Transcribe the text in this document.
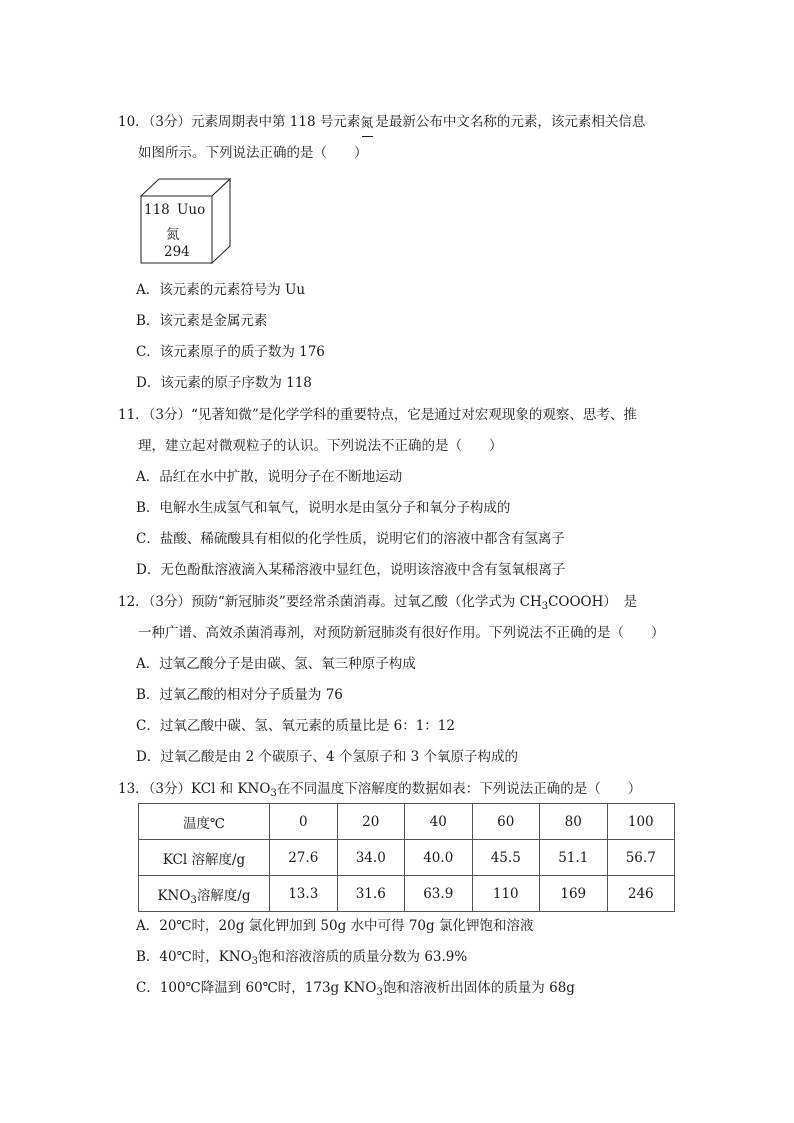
10．（3分）元素周期表中第 118 号元素 氮 是最新公布中文名称的元素，该元素相关信息
如图所示。下列说法正确的是（　　）
118 Uuo
氮
294
A．该元素的元素符号为 Uu
B．该元素是金属元素
C．该元素原子的质子数为 176
D．该元素的原子序数为 118
11．（3分）“见著知微”是化学学科的重要特点，它是通过对宏观现象的观察、思考、推
理，建立起对微观粒子的认识。下列说法不正确的是（　　）
A．品红在水中扩散，说明分子在不断地运动
B．电解水生成氢气和氧气，说明水是由氢分子和氧分子构成的
C．盐酸、稀硫酸具有相似的化学性质，说明它们的溶液中都含有氢离子
D．无色酚酞溶液滴入某稀溶液中显红色，说明该溶液中含有氢氧根离子
12．（3分）预防“新冠肺炎”要经常杀菌消毒。过氧乙酸（化学式为 $CH_3COOOH$）　是
一种广谱、高效杀菌消毒剂，对预防新冠肺炎有很好作用。下列说法不正确的是（　　）
A．过氧乙酸分子是由碳、氢、氧三种原子构成
B．过氧乙酸的相对分子质量为 76
C．过氧乙酸中碳、氢、氧元素的质量比是 6：1：12
D．过氧乙酸是由 2 个碳原子、4 个氢原子和 3 个氧原子构成的
13．（3分）KCl 和 $KNO_3$在不同温度下溶解度的数据如表：下列说法正确的是（　　）
温度℃	0	20	40	60	80	100
KCl 溶解度/g	27.6	34.0	40.0	45.5	51.1	56.7
$KNO_3$溶解度/g	13.3	31.6	63.9	110	169	246
A．20℃时，20g 氯化钾加到 50g 水中可得 70g 氯化钾饱和溶液
B．40℃时，$KNO_3$饱和溶液溶质的质量分数为 63.9%
C．100℃降温到 60℃时，173g $KNO_3$饱和溶液析出固体的质量为 68g
